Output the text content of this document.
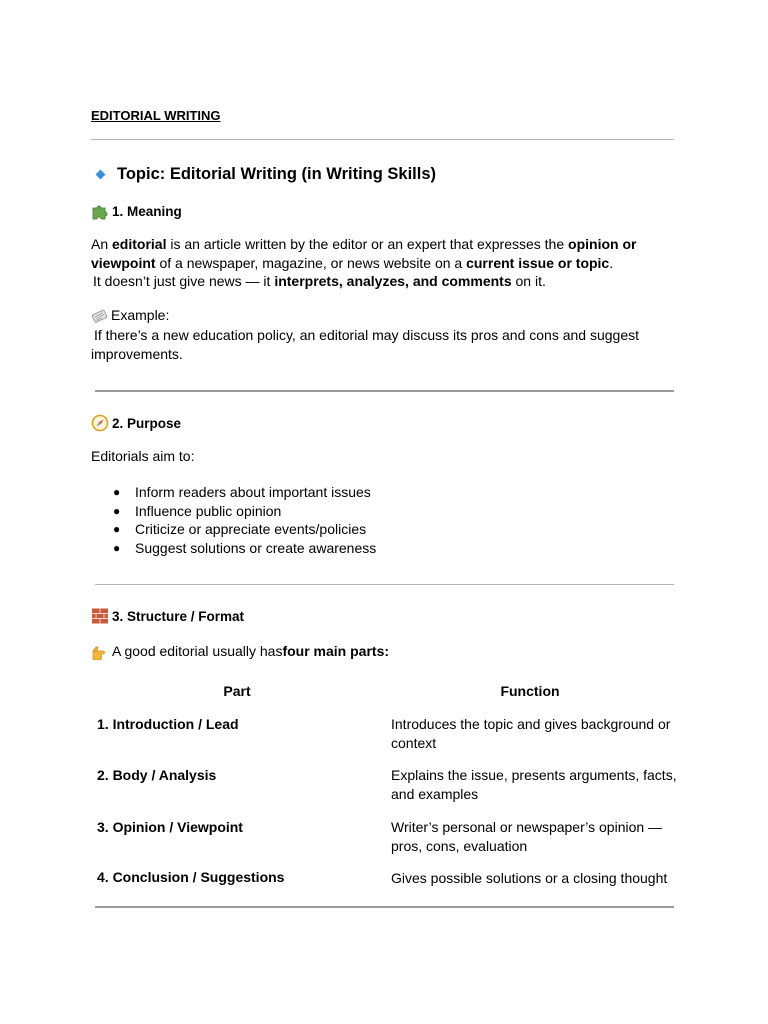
EDITORIAL WRITING
Topic: Editorial Writing (in Writing Skills)
1. Meaning
An editorial is an article written by the editor or an expert that expresses the opinion or viewpoint of a newspaper, magazine, or news website on a current issue or topic.
It doesn’t just give news — it interprets, analyzes, and comments on it.
Example:
If there’s a new education policy, an editorial may discuss its pros and cons and suggest improvements.
2. Purpose
Editorials aim to:
●	Inform readers about important issues
●	Influence public opinion
●	Criticize or appreciate events/policies
●	Suggest solutions or create awareness
3. Structure / Format
A good editorial usually has four main parts:
Part	Function
1. Introduction / Lead	Introduces the topic and gives background or context
2. Body / Analysis	Explains the issue, presents arguments, facts, and examples
3. Opinion / Viewpoint	Writer’s personal or newspaper’s opinion — pros, cons, evaluation
4. Conclusion / Suggestions	Gives possible solutions or a closing thought
